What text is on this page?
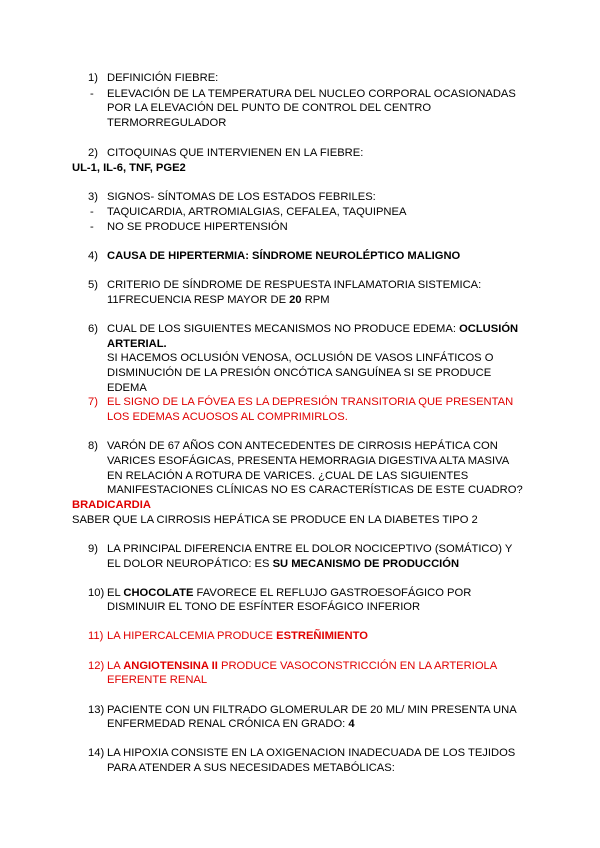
1) DEFINICIÓN FIEBRE:
- ELEVACIÓN DE LA TEMPERATURA DEL NUCLEO CORPORAL OCASIONADAS
POR LA ELEVACIÓN DEL PUNTO DE CONTROL DEL CENTRO
TERMORREGULADOR
2) CITOQUINAS QUE INTERVIENEN EN LA FIEBRE:
UL-1, IL-6, TNF, PGE2
3) SIGNOS- SÍNTOMAS DE LOS ESTADOS FEBRILES:
- TAQUICARDIA, ARTROMIALGIAS, CEFALEA, TAQUIPNEA
- NO SE PRODUCE HIPERTENSIÓN
4) CAUSA DE HIPERTERMIA: SÍNDROME NEUROLÉPTICO MALIGNO
5) CRITERIO DE SÍNDROME DE RESPUESTA INFLAMATORIA SISTEMICA:
11FRECUENCIA RESP MAYOR DE 20 RPM
6) CUAL DE LOS SIGUIENTES MECANISMOS NO PRODUCE EDEMA: OCLUSIÓN
ARTERIAL.
SI HACEMOS OCLUSIÓN VENOSA, OCLUSIÓN DE VASOS LINFÁTICOS O
DISMINUCIÓN DE LA PRESIÓN ONCÓTICA SANGUÍNEA SI SE PRODUCE
EDEMA
7) EL SIGNO DE LA FÓVEA ES LA DEPRESIÓN TRANSITORIA QUE PRESENTAN
LOS EDEMAS ACUOSOS AL COMPRIMIRLOS.
8) VARÓN DE 67 AÑOS CON ANTECEDENTES DE CIRROSIS HEPÁTICA CON
VARICES ESOFÁGICAS, PRESENTA HEMORRAGIA DIGESTIVA ALTA MASIVA
EN RELACIÓN A ROTURA DE VARICES. ¿CUAL DE LAS SIGUIENTES
MANIFESTACIONES CLÍNICAS NO ES CARACTERÍSTICAS DE ESTE CUADRO?
BRADICARDIA
SABER QUE LA CIRROSIS HEPÁTICA SE PRODUCE EN LA DIABETES TIPO 2
9) LA PRINCIPAL DIFERENCIA ENTRE EL DOLOR NOCICEPTIVO (SOMÁTICO) Y
EL DOLOR NEUROPÁTICO: ES SU MECANISMO DE PRODUCCIÓN
10) EL CHOCOLATE FAVORECE EL REFLUJO GASTROESOFÁGICO POR
DISMINUIR EL TONO DE ESFÍNTER ESOFÁGICO INFERIOR
11) LA HIPERCALCEMIA PRODUCE ESTREÑIMIENTO
12) LA ANGIOTENSINA II PRODUCE VASOCONSTRICCIÓN EN LA ARTERIOLA
EFERENTE RENAL
13) PACIENTE CON UN FILTRADO GLOMERULAR DE 20 ML/ MIN PRESENTA UNA
ENFERMEDAD RENAL CRÓNICA EN GRADO: 4
14) LA HIPOXIA CONSISTE EN LA OXIGENACION INADECUADA DE LOS TEJIDOS
PARA ATENDER A SUS NECESIDADES METABÓLICAS:
